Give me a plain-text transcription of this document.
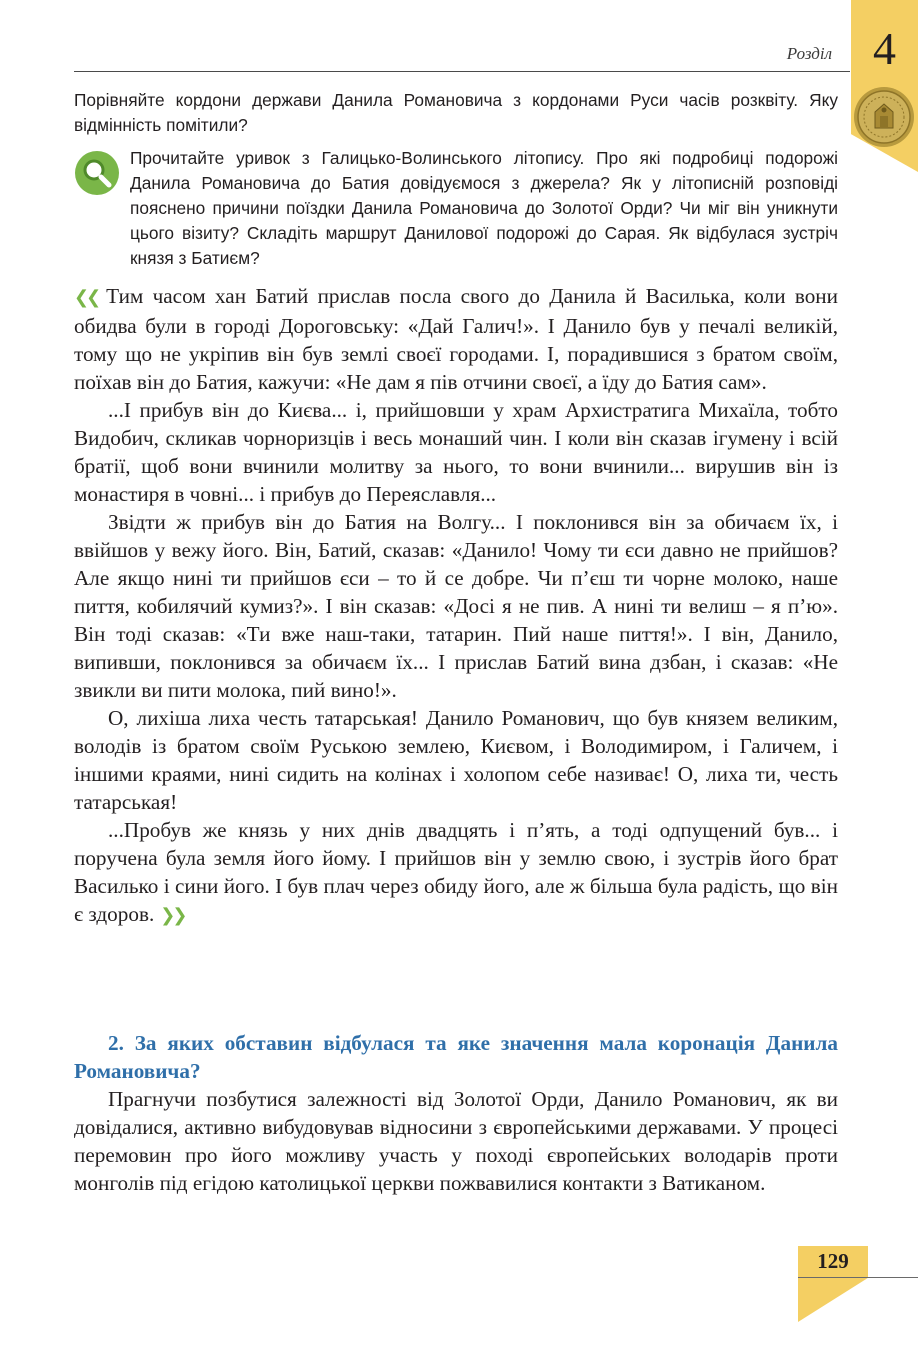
4
Розділ
Порівняйте кордони держави Данила Романовича з кордонами Руси часів розквіту. Яку відмінність помітили?
Прочитайте уривок з Галицько-Волинського літопису. Про які подробиці подорожі Данила Романовича до Батия довідуємося з джерела? Як у літописній розповіді пояснено причини поїздки Данила Романовича до Золотої Орди? Чи міг він уникнути цього візиту? Складіть маршрут Данилової подорожі до Сарая. Як відбулася зустріч князя з Батиєм?

❮❮ Тим часом хан Батий прислав посла свого до Данила й Василька, коли вони обидва були в городі Дороговську: «Дай Галич!». І Данило був у печалі великій, тому що не укріпив він був землі своєї городами. І, порадившися з братом своїм, поїхав він до Батия, кажучи: «Не дам я пів отчини своєї, а їду до Батия сам».

...І прибув він до Києва... і, прийшовши у храм Архистратига Михаїла, тобто Видобич, скликав чорноризців і весь монаший чин. І коли він сказав ігумену і всій братії, щоб вони вчинили молитву за нього, то вони вчинили... вирушив він із монастиря в човні... і прибув до Переяславля...

Звідти ж прибув він до Батия на Волгу... І поклонився він за обичаєм їх, і ввійшов у вежу його. Він, Батий, сказав: «Данило! Чому ти єси давно не прийшов? Але якщо нині ти прийшов єси – то й се добре. Чи п’єш ти чорне молоко, наше пиття, кобилячий кумиз?». І він сказав: «Досі я не пив. А нині ти велиш – я п’ю». Він тоді сказав: «Ти вже наш-таки, татарин. Пий наше пиття!». І він, Данило, випивши, поклонився за обичаєм їх... І прислав Батий вина дзбан, і сказав: «Не звикли ви пити молока, пий вино!».

О, лихіша лиха честь татарськая! Данило Романович, що був князем великим, володів із братом своїм Руською землею, Києвом, і Володимиром, і Галичем, і іншими краями, нині сидить на колінах і холопом себе називає! О, лиха ти, честь татарськая!

...Пробув же князь у них днів двадцять і п’ять, а тоді одпущений був... і поручена була земля його йому. І прийшов він у землю свою, і зустрів його брат Василько і сини його. І був плач через обиду його, але ж більша була радість, що він є здоров. ❯❯

2. За яких обставин відбулася та яке значення мала коронація Данила Романовича?

Прагнучи позбутися залежності від Золотої Орди, Данило Романович, як ви довідалися, активно вибудовував відносини з європейськими державами. У процесі перемовин про його можливу участь у поході європейських володарів проти монголів під егідою католицької церкви пожвавилися контакти з Ватиканом.

129
